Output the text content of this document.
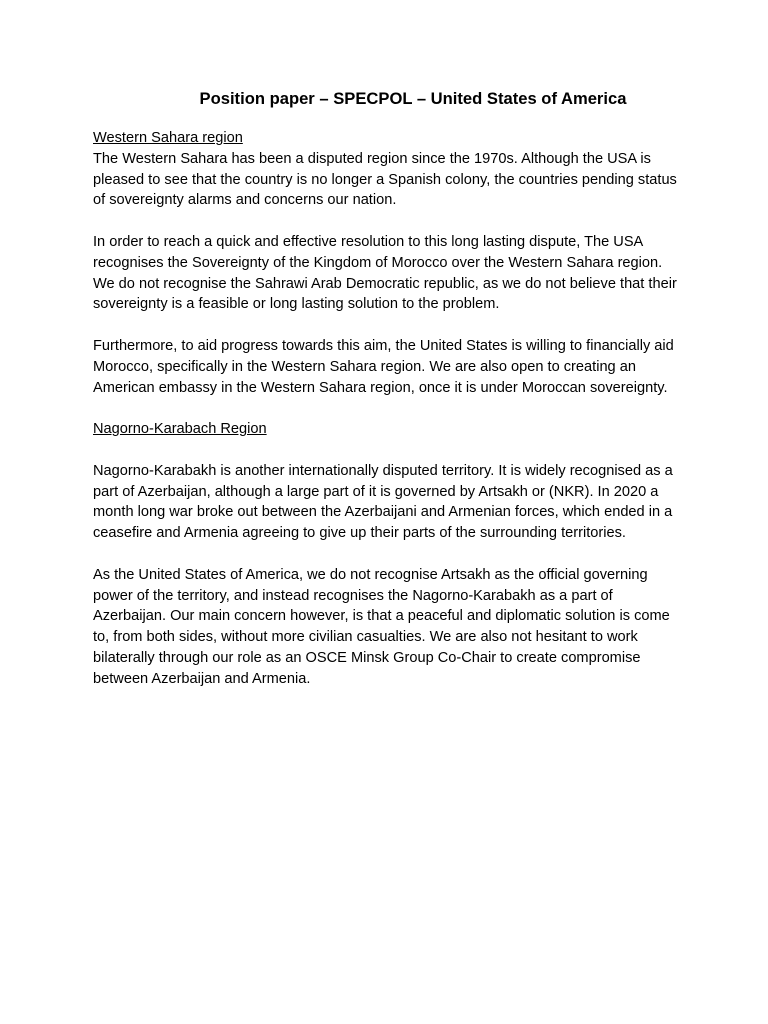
Position paper – SPECPOL – United States of America

Western Sahara region

The Western Sahara has been a disputed region since the 1970s. Although the USA is pleased to see that the country is no longer a Spanish colony, the countries pending status of sovereignty alarms and concerns our nation.

In order to reach a quick and effective resolution to this long lasting dispute, The USA recognises the Sovereignty of the Kingdom of Morocco over the Western Sahara region. We do not recognise the Sahrawi Arab Democratic republic, as we do not believe that their sovereignty is a feasible or long lasting solution to the problem.

Furthermore, to aid progress towards this aim, the United States is willing to financially aid Morocco, specifically in the Western Sahara region. We are also open to creating an American embassy in the Western Sahara region, once it is under Moroccan sovereignty.

Nagorno-Karabach Region

Nagorno-Karabakh is another internationally disputed territory. It is widely recognised as a part of Azerbaijan, although a large part of it is governed by Artsakh or (NKR). In 2020 a month long war broke out between the Azerbaijani and Armenian forces, which ended in a ceasefire and Armenia agreeing to give up their parts of the surrounding territories.

As the United States of America, we do not recognise Artsakh as the official governing power of the territory, and instead recognises the Nagorno-Karabakh as a part of Azerbaijan. Our main concern however, is that a peaceful and diplomatic solution is come to, from both sides, without more civilian casualties. We are also not hesitant to work bilaterally through our role as an OSCE Minsk Group Co-Chair to create compromise between Azerbaijan and Armenia.
